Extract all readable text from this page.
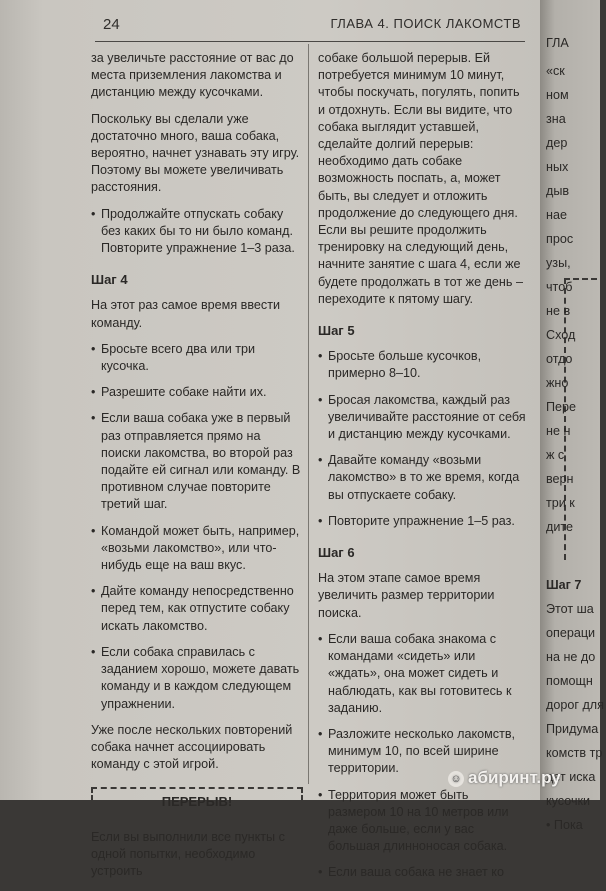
24	ГЛАВА 4. ПОИСК ЛАКОМСТВ

за увеличьте расстояние от вас до места приземления лакомства и дистанцию между кусочками.

Поскольку вы сделали уже достаточно много, ваша собака, вероятно, начнет узнавать эту игру. Поэтому вы можете увеличивать расстояния.

• Продолжайте отпускать собаку без каких бы то ни было команд. Повторите упражнение 1–3 раза.

Шаг 4

На этот раз самое время ввести команду.

• Бросьте всего два или три кусочка.

• Разрешите собаке найти их.

• Если ваша собака уже в первый раз отправляется прямо на поиски лакомства, во второй раз подайте ей сигнал или команду. В противном случае повторите третий шаг.

• Командой может быть, например, «возьми лакомство», или что-нибудь еще на ваш вкус.

• Дайте команду непосредственно перед тем, как отпустите собаку искать лакомство.

• Если собака справилась с заданием хорошо, можете давать команду и в каждом следующем упражнении.

Уже после нескольких повторений собака начнет ассоциировать команду с этой игрой.

ПЕРЕРЫВ!

Если вы выполнили все пункты с одной попытки, необходимо устроить

собаке большой перерыв. Ей потребуется минимум 10 минут, чтобы поскучать, погулять, попить и отдохнуть. Если вы видите, что собака выглядит уставшей, сделайте долгий перерыв: необходимо дать собаке возможность поспать, а, может быть, вы следует и отложить продолжение до следующего дня. Если вы решите продолжить тренировку на следующий день, начните занятие с шага 4, если же будете продолжать в тот же день – переходите к пятому шагу.

Шаг 5

• Бросьте больше кусочков, примерно 8–10.

• Бросая лакомства, каждый раз увеличивайте расстояние от себя и дистанцию между кусочками.

• Давайте команду «возьми лакомство» в то же время, когда вы отпускаете собаку.

• Повторите упражнение 1–5 раз.

Шаг 6

На этом этапе самое время увеличить размер территории поиска.

• Если ваша собака знакома с командами «сидеть» или «ждать», она может сидеть и наблюдать, как вы готовитесь к заданию.

• Разложите несколько лакомств, минимум 10, по всей ширине территории.

• Территория может быть размером 10 на 10 метров или даже больше, если у вас большая длинноносая собака.

• Если ваша собака не знает ко

ГЛА
«ск
ном
зна
дер
ных
дыв
нае
прос
узы,
чтоб
не в
Сход
отдо
жно
Пере
не н
ж с
верн
три к
дите
Шаг 7
Этот ша
операци
на не до
помощн
дорог для
Придума
комств тр
дет иска
кусочки
• Пока
☺ абиринт.ру
